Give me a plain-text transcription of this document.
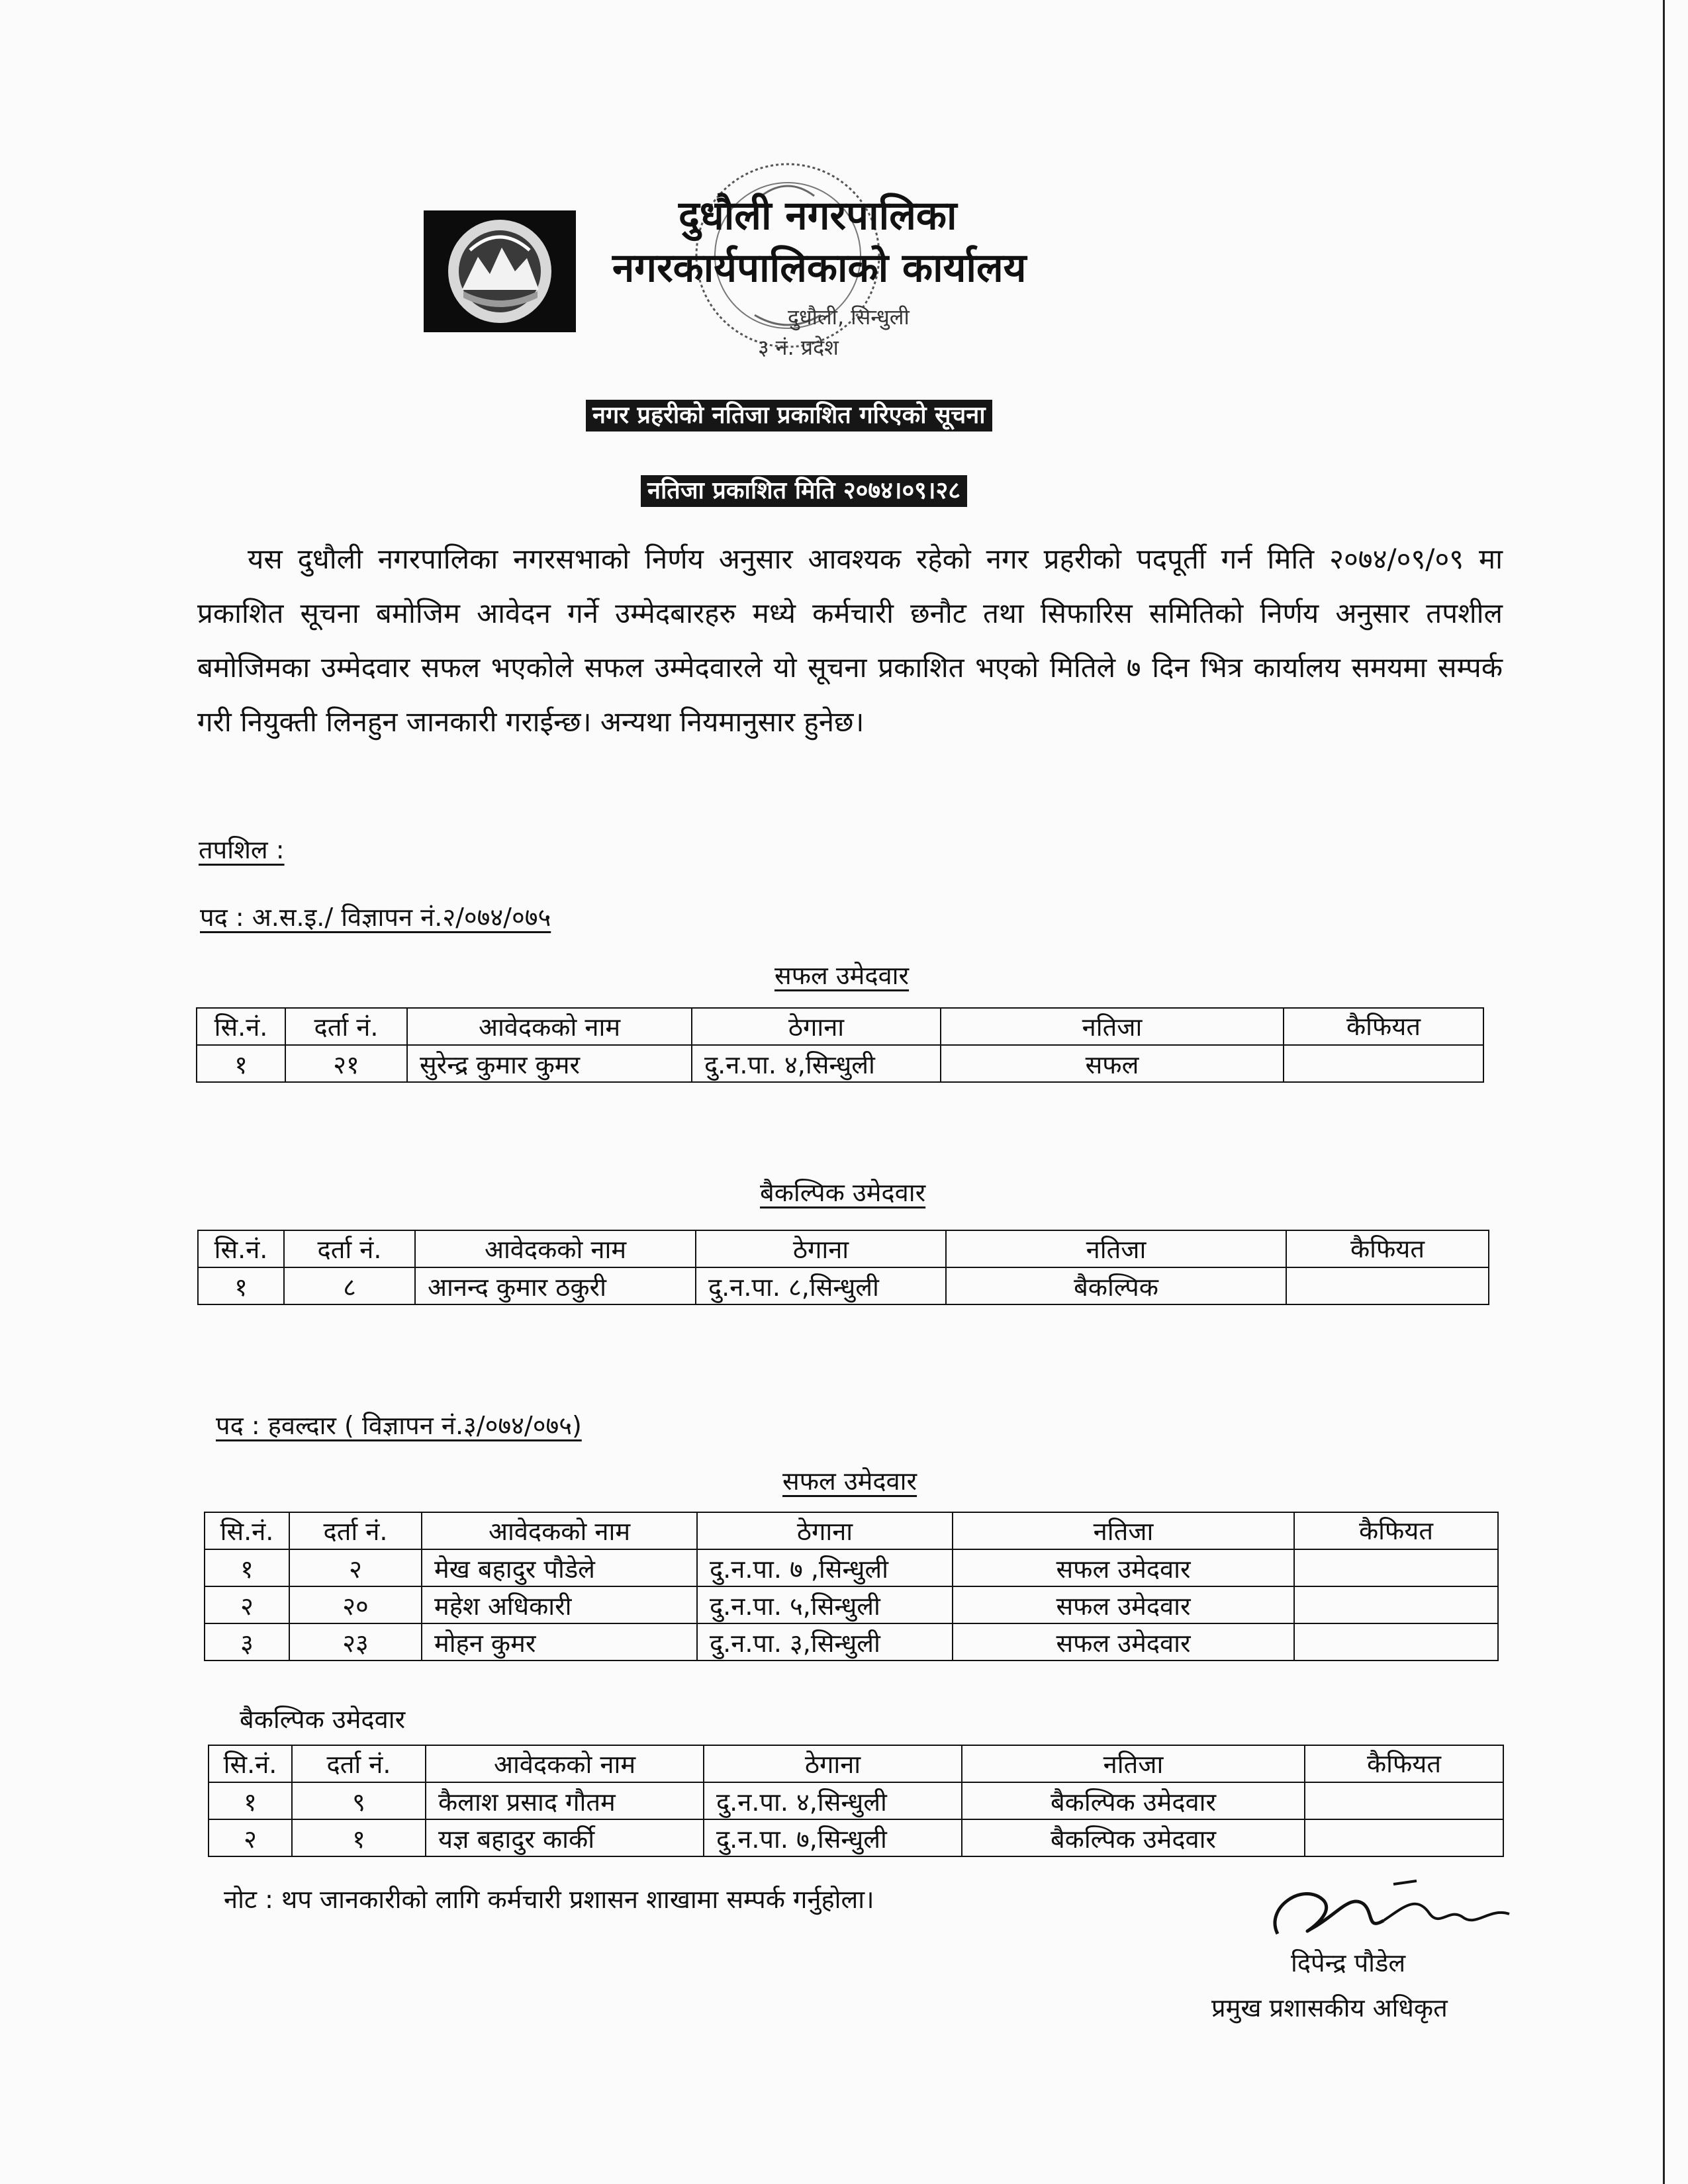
दुधौली नगरपालिका
नगरकार्यपालिकाको कार्यालय
दुधौली, सिन्धुली
३ नं. प्रदेश
नगर प्रहरीको नतिजा प्रकाशित गरिएको सूचना
नतिजा प्रकाशित मिति २०७४।०९।२८
यस दुधौली नगरपालिका नगरसभाको निर्णय अनुसार आवश्यक रहेको नगर प्रहरीको पदपूर्ती गर्न मिति २०७४/०९/०९ मा प्रकाशित सूचना बमोजिम आवेदन गर्ने उम्मेदबारहरु मध्ये कर्मचारी छनौट तथा सिफारिस समितिको निर्णय अनुसार तपशील बमोजिमका उम्मेदवार सफल भएकोले सफल उम्मेदवारले यो सूचना प्रकाशित भएको मितिले ७ दिन भित्र कार्यालय समयमा सम्पर्क गरी नियुक्ती लिनहुन जानकारी गराईन्छ। अन्यथा नियमानुसार हुनेछ।
तपशिल :
पद : अ.स.इ./ विज्ञापन नं.२/०७४/०७५
सफल उमेदवार
सि.नं.	दर्ता नं.	आवेदकको नाम	ठेगाना	नतिजा	कैफियत
१	२१	सुरेन्द्र कुमार कुमर	दु.न.पा. ४,सिन्धुली	सफल	
बैकल्पिक उमेदवार
सि.नं.	दर्ता नं.	आवेदकको नाम	ठेगाना	नतिजा	कैफियत
१	८	आनन्द कुमार ठकुरी	दु.न.पा. ८,सिन्धुली	बैकल्पिक	
पद : हवल्दार ( विज्ञापन नं.३/०७४/०७५)
सफल उमेदवार
सि.नं.	दर्ता नं.	आवेदकको नाम	ठेगाना	नतिजा	कैफियत
१	२	मेख बहादुर पौडेले	दु.न.पा. ७ ,सिन्धुली	सफल उमेदवार	
२	२०	महेश अधिकारी	दु.न.पा. ५,सिन्धुली	सफल उमेदवार	
३	२३	मोहन कुमर	दु.न.पा. ३,सिन्धुली	सफल उमेदवार	
बैकल्पिक उमेदवार
सि.नं.	दर्ता नं.	आवेदकको नाम	ठेगाना	नतिजा	कैफियत
१	९	कैलाश प्रसाद गौतम	दु.न.पा. ४,सिन्धुली	बैकल्पिक उमेदवार	
२	१	यज्ञ बहादुर कार्की	दु.न.पा. ७,सिन्धुली	बैकल्पिक उमेदवार	
नोट : थप जानकारीको लागि कर्मचारी प्रशासन शाखामा सम्पर्क गर्नुहोला।
दिपेन्द्र पौडेल
प्रमुख प्रशासकीय अधिकृत
